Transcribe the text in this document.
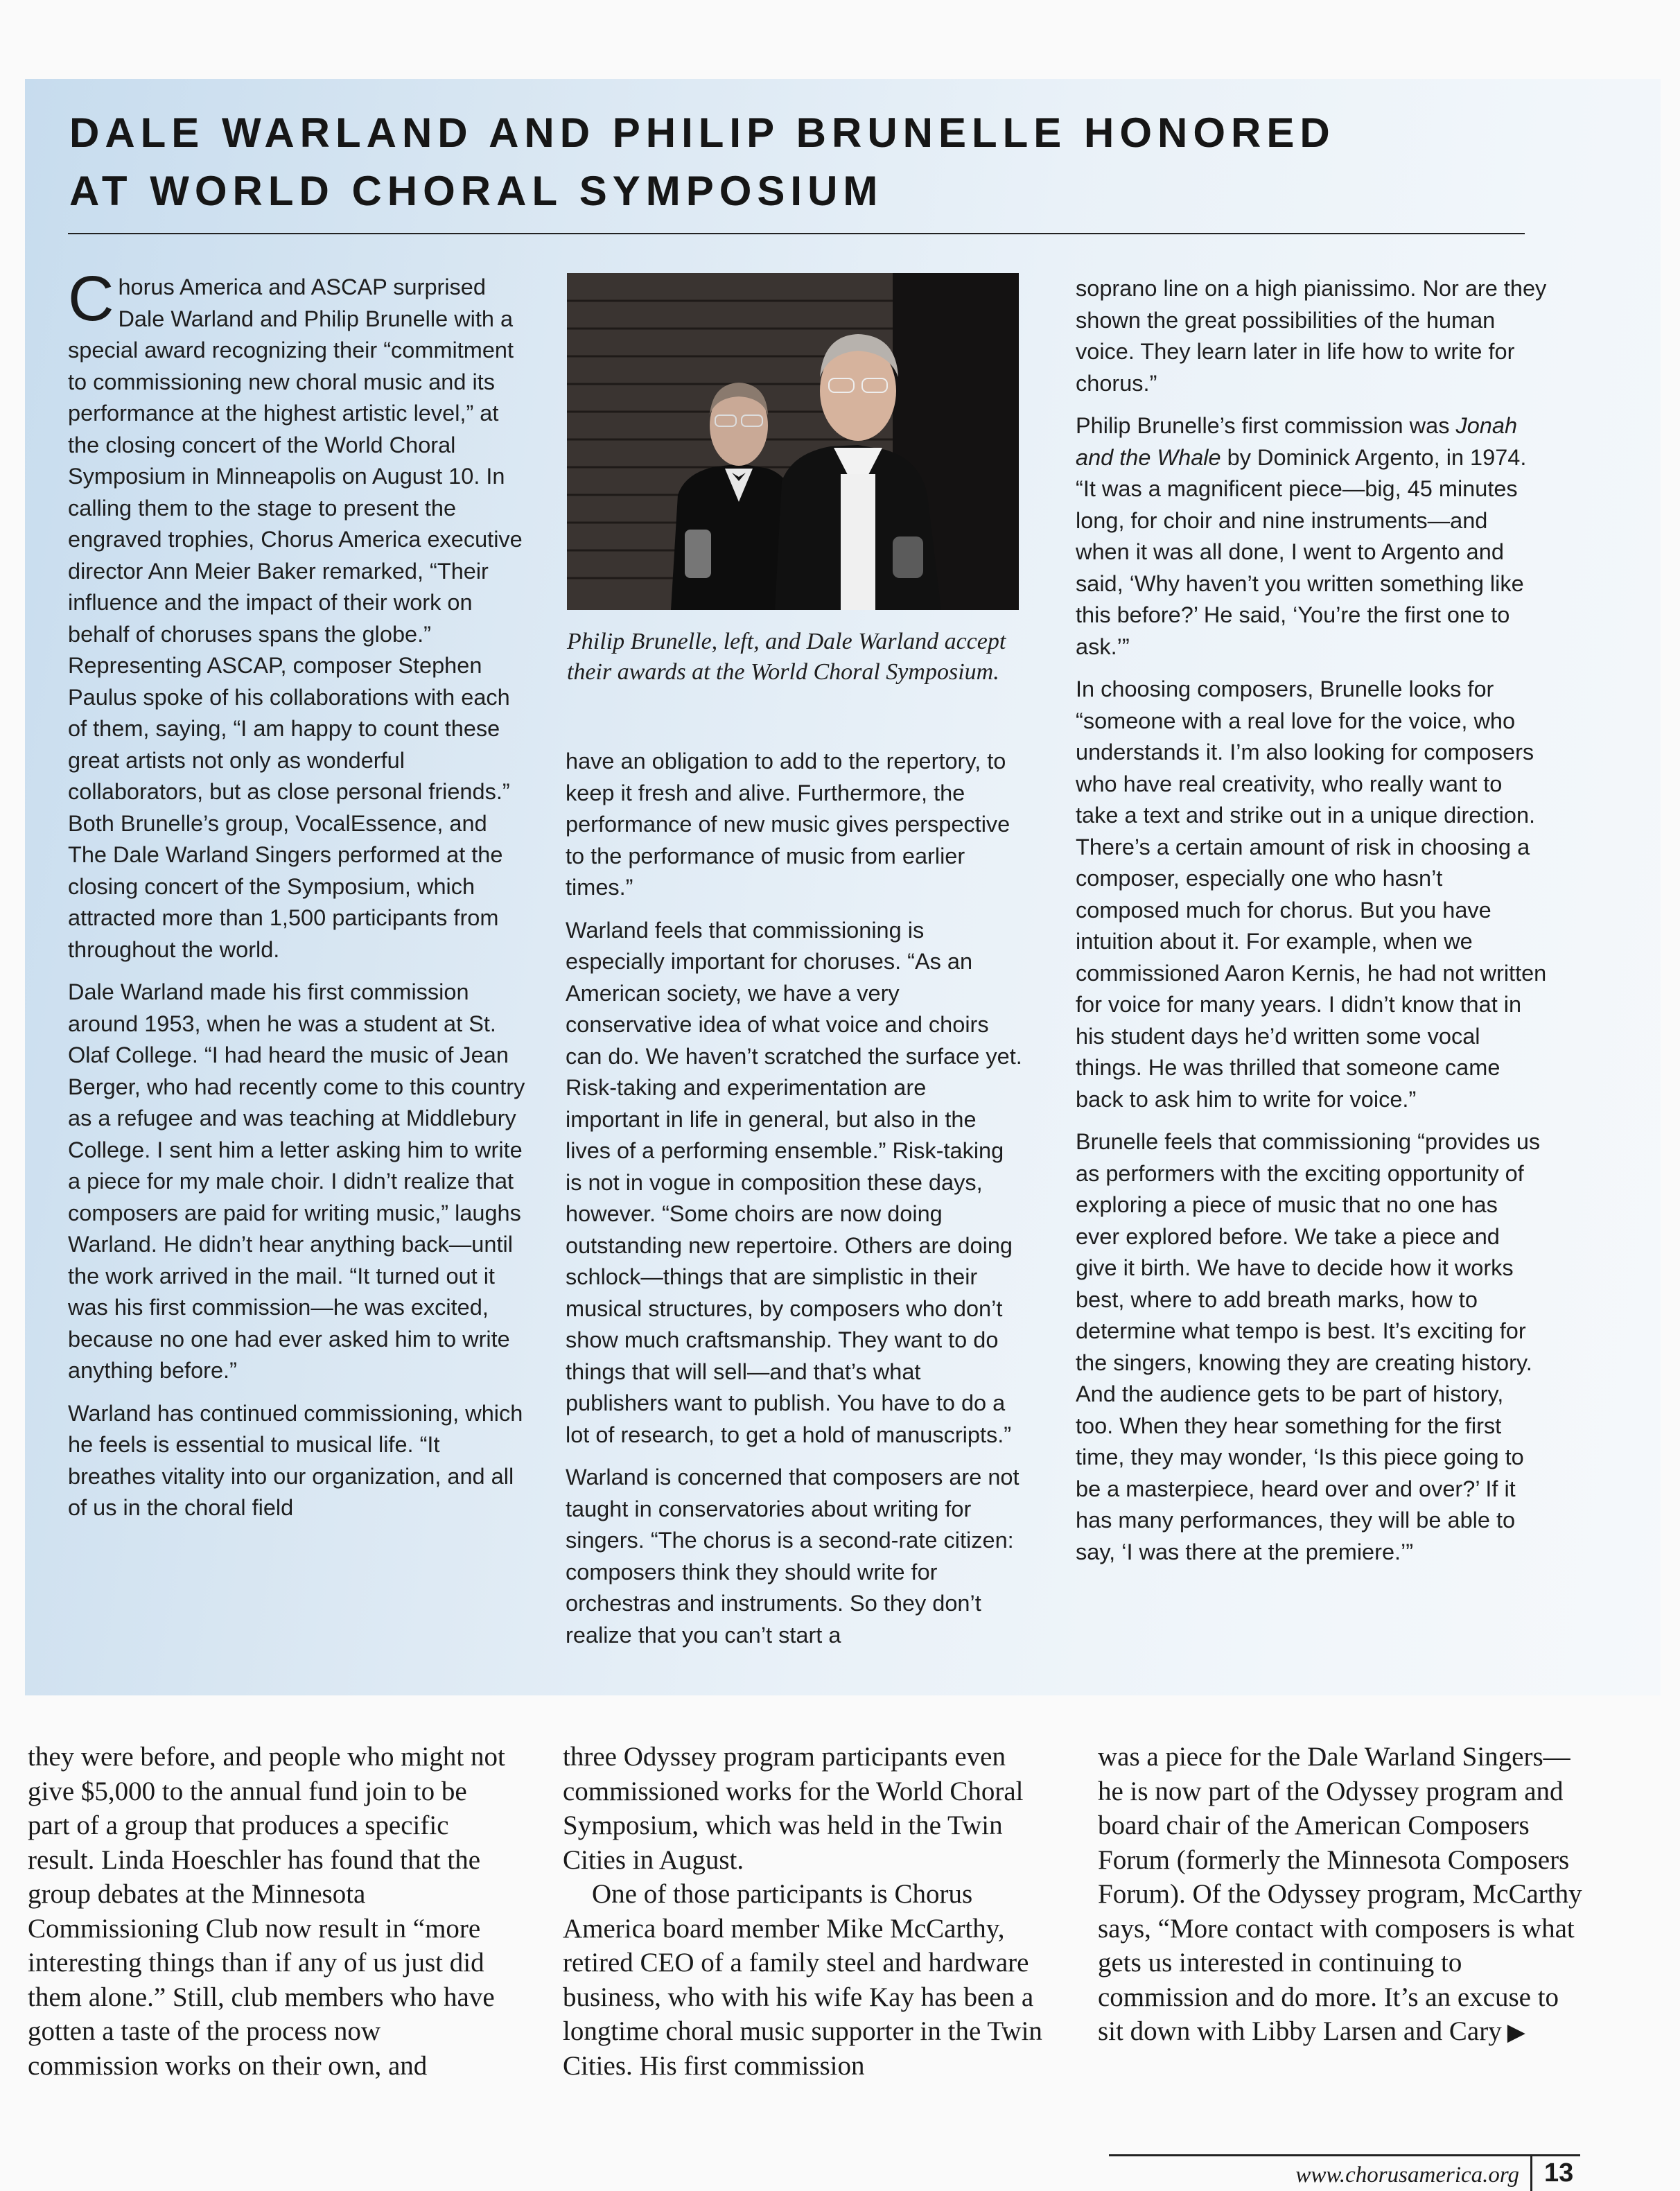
DALE WARLAND AND PHILIP BRUNELLE HONORED
AT WORLD CHORAL SYMPOSIUM

Chorus America and ASCAP surprised Dale Warland and Philip Brunelle with a special award recognizing their “commitment to commissioning new choral music and its performance at the highest artistic level,” at the closing concert of the World Choral Symposium in Minneapolis on August 10. In calling them to the stage to present the engraved trophies, Chorus America executive director Ann Meier Baker remarked, “Their influence and the impact of their work on behalf of choruses spans the globe.” Representing ASCAP, composer Stephen Paulus spoke of his collaborations with each of them, saying, “I am happy to count these great artists not only as wonderful collaborators, but as close personal friends.” Both Brunelle’s group, VocalEssence, and The Dale Warland Singers performed at the closing concert of the Symposium, which attracted more than 1,500 participants from throughout the world.

Dale Warland made his first commission around 1953, when he was a student at St. Olaf College. “I had heard the music of Jean Berger, who had recently come to this country as a refugee and was teaching at Middlebury College. I sent him a letter asking him to write a piece for my male choir. I didn’t realize that composers are paid for writing music,” laughs Warland. He didn’t hear anything back—until the work arrived in the mail. “It turned out it was his first commission—he was excited, because no one had ever asked him to write anything before.”

Warland has continued commissioning, which he feels is essential to musical life. “It breathes vitality into our organization, and all of us in the choral field

Philip Brunelle, left, and Dale Warland accept their awards at the World Choral Symposium.

have an obligation to add to the repertory, to keep it fresh and alive. Furthermore, the performance of new music gives perspective to the performance of music from earlier times.”

Warland feels that commissioning is especially important for choruses. “As an American society, we have a very conservative idea of what voice and choirs can do. We haven’t scratched the surface yet. Risk-taking and experimentation are important in life in general, but also in the lives of a performing ensemble.” Risk-taking is not in vogue in composition these days, however. “Some choirs are now doing outstanding new repertoire. Others are doing schlock—things that are simplistic in their musical structures, by composers who don’t show much craftsmanship. They want to do things that will sell—and that’s what publishers want to publish. You have to do a lot of research, to get a hold of manuscripts.”

Warland is concerned that composers are not taught in conservatories about writing for singers. “The chorus is a second-rate citizen: composers think they should write for orchestras and instruments. So they don’t realize that you can’t start a

soprano line on a high pianissimo. Nor are they shown the great possibilities of the human voice. They learn later in life how to write for chorus.”

Philip Brunelle’s first commission was Jonah and the Whale by Dominick Argento, in 1974. “It was a magnificent piece—big, 45 minutes long, for choir and nine instruments—and when it was all done, I went to Argento and said, ‘Why haven’t you written something like this before?’ He said, ‘You’re the first one to ask.’”

In choosing composers, Brunelle looks for “someone with a real love for the voice, who understands it. I’m also looking for composers who have real creativity, who really want to take a text and strike out in a unique direction. There’s a certain amount of risk in choosing a composer, especially one who hasn’t composed much for chorus. But you have intuition about it. For example, when we commissioned Aaron Kernis, he had not written for voice for many years. I didn’t know that in his student days he’d written some vocal things. He was thrilled that someone came back to ask him to write for voice.”

Brunelle feels that commissioning “provides us as performers with the exciting opportunity of exploring a piece of music that no one has ever explored before. We take a piece and give it birth. We have to decide how it works best, where to add breath marks, how to determine what tempo is best. It’s exciting for the singers, knowing they are creating history. And the audience gets to be part of history, too. When they hear something for the first time, they may wonder, ‘Is this piece going to be a masterpiece, heard over and over?’ If it has many performances, they will be able to say, ‘I was there at the premiere.’”

they were before, and people who might not give $5,000 to the annual fund join to be part of a group that produces a specific result. Linda Hoeschler has found that the group debates at the Minnesota Commissioning Club now result in “more interesting things than if any of us just did them alone.” Still, club members who have gotten a taste of the process now commission works on their own, and

three Odyssey program participants even commissioned works for the World Choral Symposium, which was held in the Twin Cities in August.

One of those participants is Chorus America board member Mike McCarthy, retired CEO of a family steel and hardware business, who with his wife Kay has been a longtime choral music supporter in the Twin Cities. His first commission

was a piece for the Dale Warland Singers—he is now part of the Odyssey program and board chair of the American Composers Forum (formerly the Minnesota Composers Forum). Of the Odyssey program, McCarthy says, “More contact with composers is what gets us interested in continuing to commission and do more. It’s an excuse to sit down with Libby Larsen and Cary ▶

www.chorusamerica.org 13
